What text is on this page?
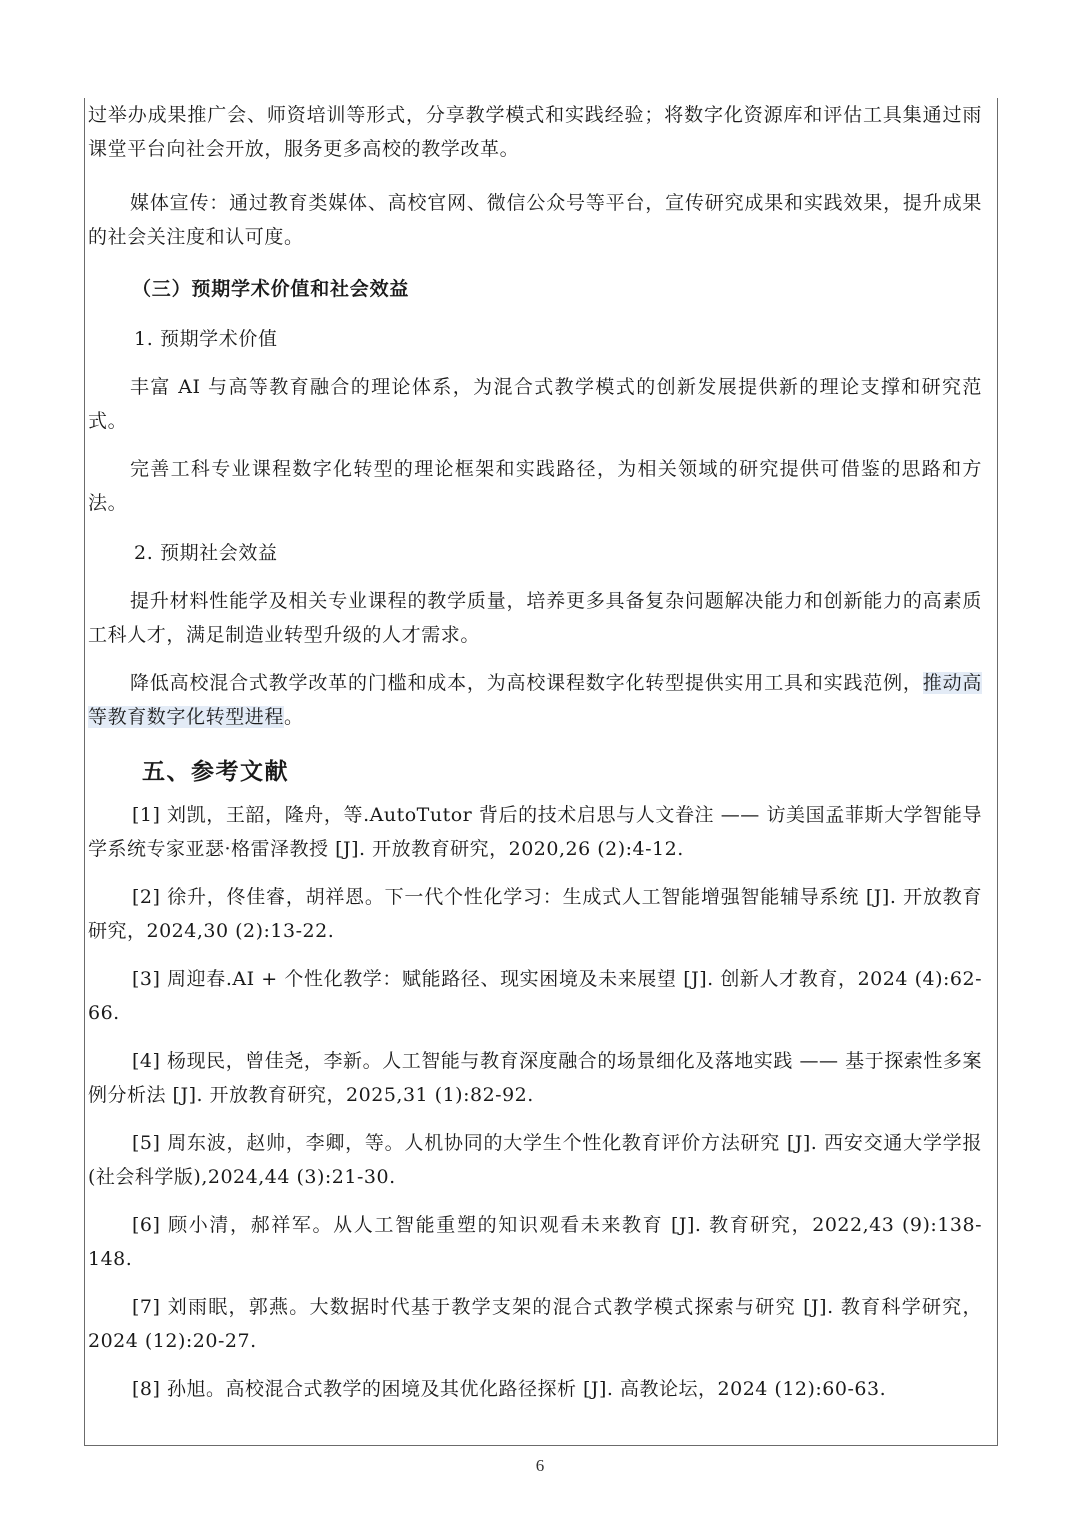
过举办成果推广会、师资培训等形式，分享教学模式和实践经验；将数字化资源库和评估工具集通过雨课堂平台向社会开放，服务更多高校的教学改革。

媒体宣传：通过教育类媒体、高校官网、微信公众号等平台，宣传研究成果和实践效果，提升成果的社会关注度和认可度。

（三）预期学术价值和社会效益

1. 预期学术价值

丰富 AI 与高等教育融合的理论体系，为混合式教学模式的创新发展提供新的理论支撑和研究范式。

完善工科专业课程数字化转型的理论框架和实践路径，为相关领域的研究提供可借鉴的思路和方法。

2. 预期社会效益

提升材料性能学及相关专业课程的教学质量，培养更多具备复杂问题解决能力和创新能力的高素质工科人才，满足制造业转型升级的人才需求。

降低高校混合式教学改革的门槛和成本，为高校课程数字化转型提供实用工具和实践范例，推动高等教育数字化转型进程。

五、参考文献

[1] 刘凯，王韶，隆舟，等.AutoTutor 背后的技术启思与人文眷注 —— 访美国孟菲斯大学智能导学系统专家亚瑟·格雷泽教授 [J]. 开放教育研究，2020,26 (2):4-12.

[2] 徐升，佟佳睿，胡祥恩。下一代个性化学习：生成式人工智能增强智能辅导系统 [J]. 开放教育研究，2024,30 (2):13-22.

[3] 周迎春.AI + 个性化教学：赋能路径、现实困境及未来展望 [J]. 创新人才教育，2024 (4):62-66.

[4] 杨现民，曾佳尧，李新。人工智能与教育深度融合的场景细化及落地实践 —— 基于探索性多案例分析法 [J]. 开放教育研究，2025,31 (1):82-92.

[5] 周东波，赵帅，李卿，等。人机协同的大学生个性化教育评价方法研究 [J]. 西安交通大学学报 (社会科学版),2024,44 (3):21-30.

[6] 顾小清，郝祥军。从人工智能重塑的知识观看未来教育 [J]. 教育研究，2022,43 (9):138-148.

[7] 刘雨眠，郭燕。大数据时代基于教学支架的混合式教学模式探索与研究 [J]. 教育科学研究，2024 (12):20-27.

[8] 孙旭。高校混合式教学的困境及其优化路径探析 [J]. 高教论坛，2024 (12):60-63.

6
